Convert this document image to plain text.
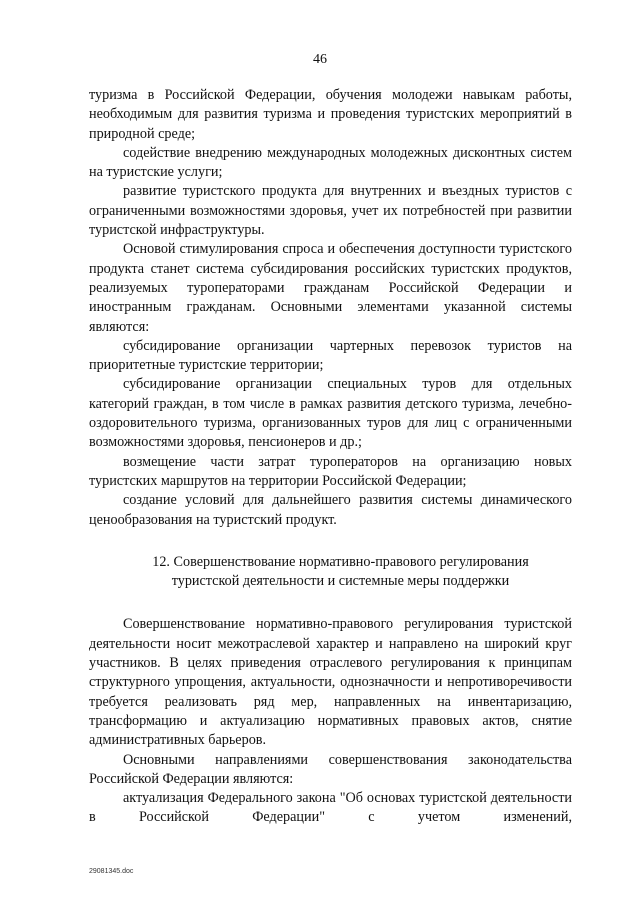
46

туризма в Российской Федерации, обучения молодежи навыкам работы, необходимым для развития туризма и проведения туристских мероприятий в природной среде;

содействие внедрению международных молодежных дисконтных систем на туристские услуги;

развитие туристского продукта для внутренних и въездных туристов с ограниченными возможностями здоровья, учет их потребностей при развитии туристской инфраструктуры.

Основой стимулирования спроса и обеспечения доступности туристского продукта станет система субсидирования российских туристских продуктов, реализуемых туроператорами гражданам Российской Федерации и иностранным гражданам. Основными элементами указанной системы являются:

субсидирование организации чартерных перевозок туристов на приоритетные туристские территории;

субсидирование организации специальных туров для отдельных категорий граждан, в том числе в рамках развития детского туризма, лечебно-оздоровительного туризма, организованных туров для лиц с ограниченными возможностями здоровья, пенсионеров и др.;

возмещение части затрат туроператоров на организацию новых туристских маршрутов на территории Российской Федерации;

создание условий для дальнейшего развития системы динамического ценообразования на туристский продукт.

12. Совершенствование нормативно-правового регулирования
туристской деятельности и системные меры поддержки

Совершенствование нормативно-правового регулирования туристской деятельности носит межотраслевой характер и направлено на широкий круг участников. В целях приведения отраслевого регулирования к принципам структурного упрощения, актуальности, однозначности и непротиворечивости требуется реализовать ряд мер, направленных на инвентаризацию, трансформацию и актуализацию нормативных правовых актов, снятие административных барьеров.

Основными направлениями совершенствования законодательства Российской Федерации являются:

актуализация Федерального закона "Об основах туристской деятельности в Российской Федерации" с учетом изменений,

29081345.doc
